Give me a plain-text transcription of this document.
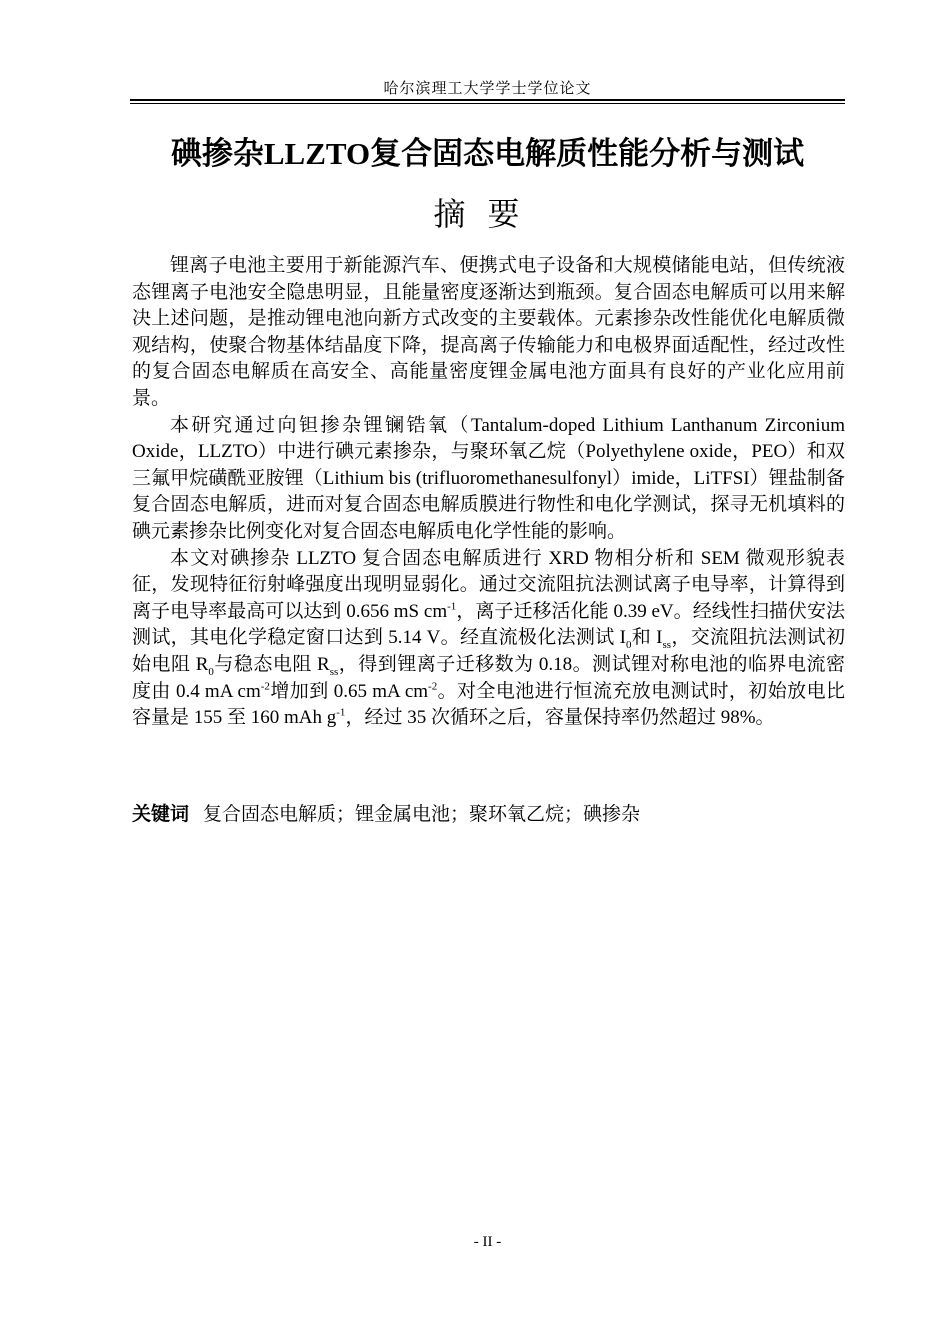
哈尔滨理工大学学士学位论文
碘掺杂LLZTO复合固态电解质性能分析与测试
摘要

锂离子电池主要用于新能源汽车、便携式电子设备和大规模储能电站，但传统液态锂离子电池安全隐患明显，且能量密度逐渐达到瓶颈。复合固态电解质可以用来解决上述问题，是推动锂电池向新方式改变的主要载体。元素掺杂改性能优化电解质微观结构，使聚合物基体结晶度下降，提高离子传输能力和电极界面适配性，经过改性的复合固态电解质在高安全、高能量密度锂金属电池方面具有良好的产业化应用前景。

本研究通过向钽掺杂锂镧锆氧（Tantalum-doped Lithium Lanthanum Zirconium Oxide，LLZTO）中进行碘元素掺杂，与聚环氧乙烷（Polyethylene oxide，PEO）和双三氟甲烷磺酰亚胺锂（Lithium bis (trifluoromethanesulfonyl）imide，LiTFSI）锂盐制备复合固态电解质，进而对复合固态电解质膜进行物性和电化学测试，探寻无机填料的碘元素掺杂比例变化对复合固态电解质电化学性能的影响。

本文对碘掺杂 LLZTO 复合固态电解质进行 XRD 物相分析和 SEM 微观形貌表征，发现特征衍射峰强度出现明显弱化。通过交流阻抗法测试离子电导率，计算得到离子电导率最高可以达到 0.656 mS $cm^{-1}$，离子迁移活化能 0.39 eV。经线性扫描伏安法测试，其电化学稳定窗口达到 5.14 V。经直流极化法测试 $I_0$和 $I_{ss}$，交流阻抗法测试初始电阻 $R_0$与稳态电阻 $R_{ss}$，得到锂离子迁移数为 0.18。测试锂对称电池的临界电流密度由 0.4 mA $cm^{-2}$增加到 0.65 mA $cm^{-2}$。对全电池进行恒流充放电测试时，初始放电比容量是 155 至 160 mAh $g^{-1}$，经过 35 次循环之后，容量保持率仍然超过 98%。

关键词 复合固态电解质；锂金属电池；聚环氧乙烷；碘掺杂
- II -
